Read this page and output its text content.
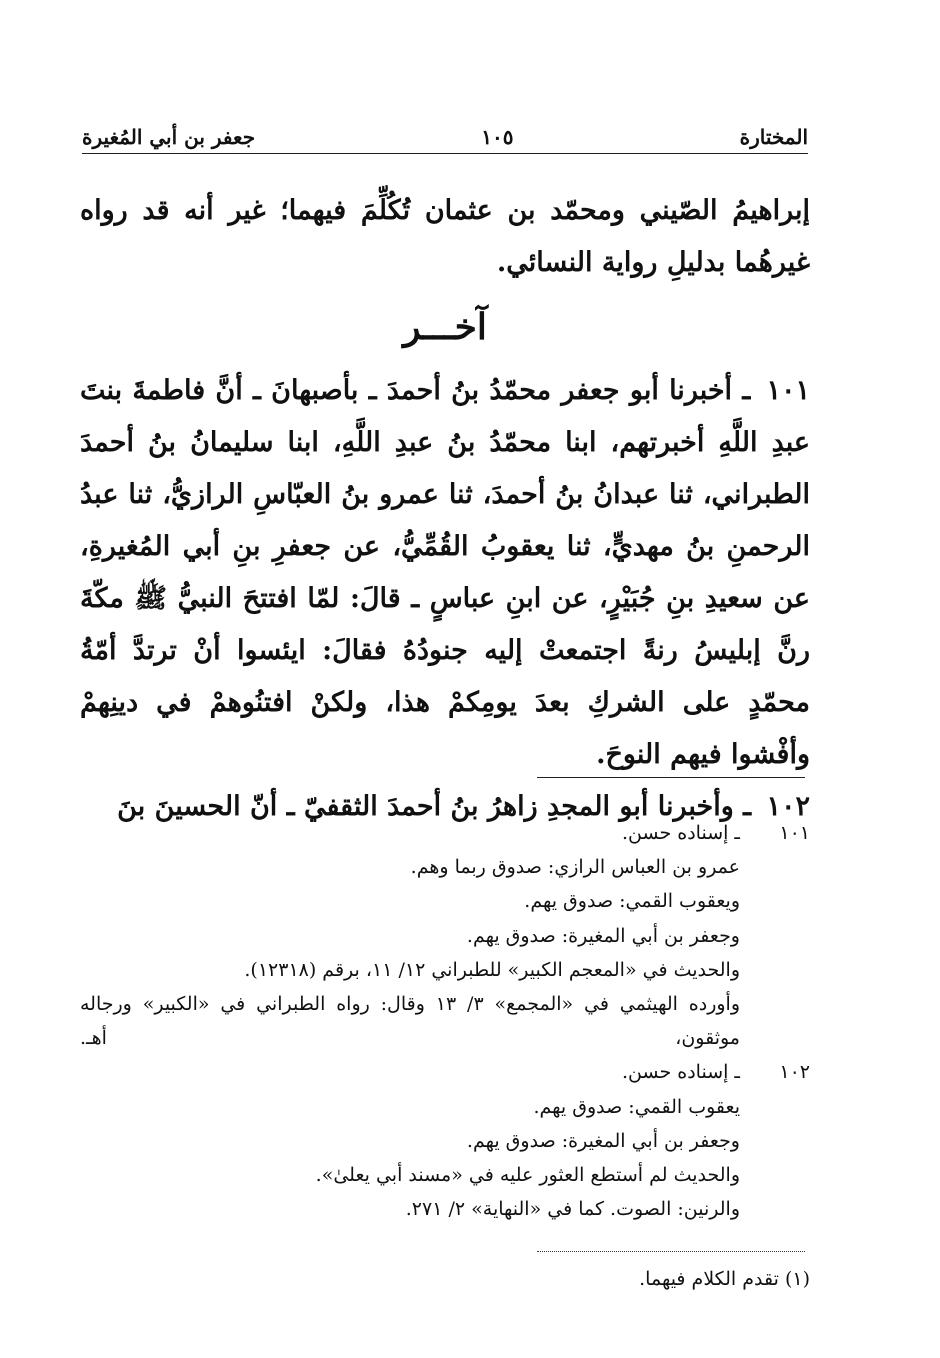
المختارة
١٠٥
جعفر بن أبي المُغيرة

إبراهيمُ الصّيني ومحمّد بن عثمان تُكُلِّمَ فيهما؛ غير أنه قد رواه غيرهُما بدليلِ رواية النسائي.

آخـــر

١٠١ ـ أخبرنا أبو جعفر محمّدُ بنُ أحمدَ ـ بأصبهانَ ـ أنَّ فاطمةَ بنتَ عبدِ اللَّهِ أخبرتهم، ابنا محمّدُ بنُ عبدِ اللَّهِ، ابنا سليمانُ بنُ أحمدَ الطبراني، ثنا عبدانُ بنُ أحمدَ، ثنا عمرو بنُ العبّاسِ الرازيُّ، ثنا عبدُ الرحمنِ بنُ مهديٍّ، ثنا يعقوبُ القُمِّيُّ، عن جعفرِ بنِ أبي المُغيرةِ، عن سعيدِ بنِ جُبَيْرٍ، عن ابنِ عباسٍ ـ قالَ: لمّا افتتحَ النبيُّ ﷺ مكّةَ رنَّ إبليسُ رنةً اجتمعتْ إليه جنودُهُ فقالَ: ايئسوا أنْ ترتدَّ أمّةُ محمّدٍ على الشركِ بعدَ يومِكمْ هذا، ولكنْ افتنُوهمْ في دينِهمْ وأفْشوا فيهم النوحَ.

١٠٢ ـ وأخبرنا أبو المجدِ زاهرُ بنُ أحمدَ الثقفيّ ـ أنّ الحسينَ بنَ

١٠١ـ إسناده حسن.
عمرو بن العباس الرازي: صدوق ربما وهم.
ويعقوب القمي: صدوق يهم.
وجعفر بن أبي المغيرة: صدوق يهم.
والحديث في «المعجم الكبير» للطبراني ١٢/ ١١، برقم (١٢٣١٨).
وأورده الهيثمي في «المجمع» ٣/ ١٣ وقال: رواه الطبراني في «الكبير» ورجاله موثقون، أهـ.
١٠٢ـ إسناده حسن.
يعقوب القمي: صدوق يهم.
وجعفر بن أبي المغيرة: صدوق يهم.
والحديث لم أستطع العثور عليه في «مسند أبي يعلىٰ».
والرنين: الصوت. كما في «النهاية» ٢/ ٢٧١.
(١) تقدم الكلام فيهما.
